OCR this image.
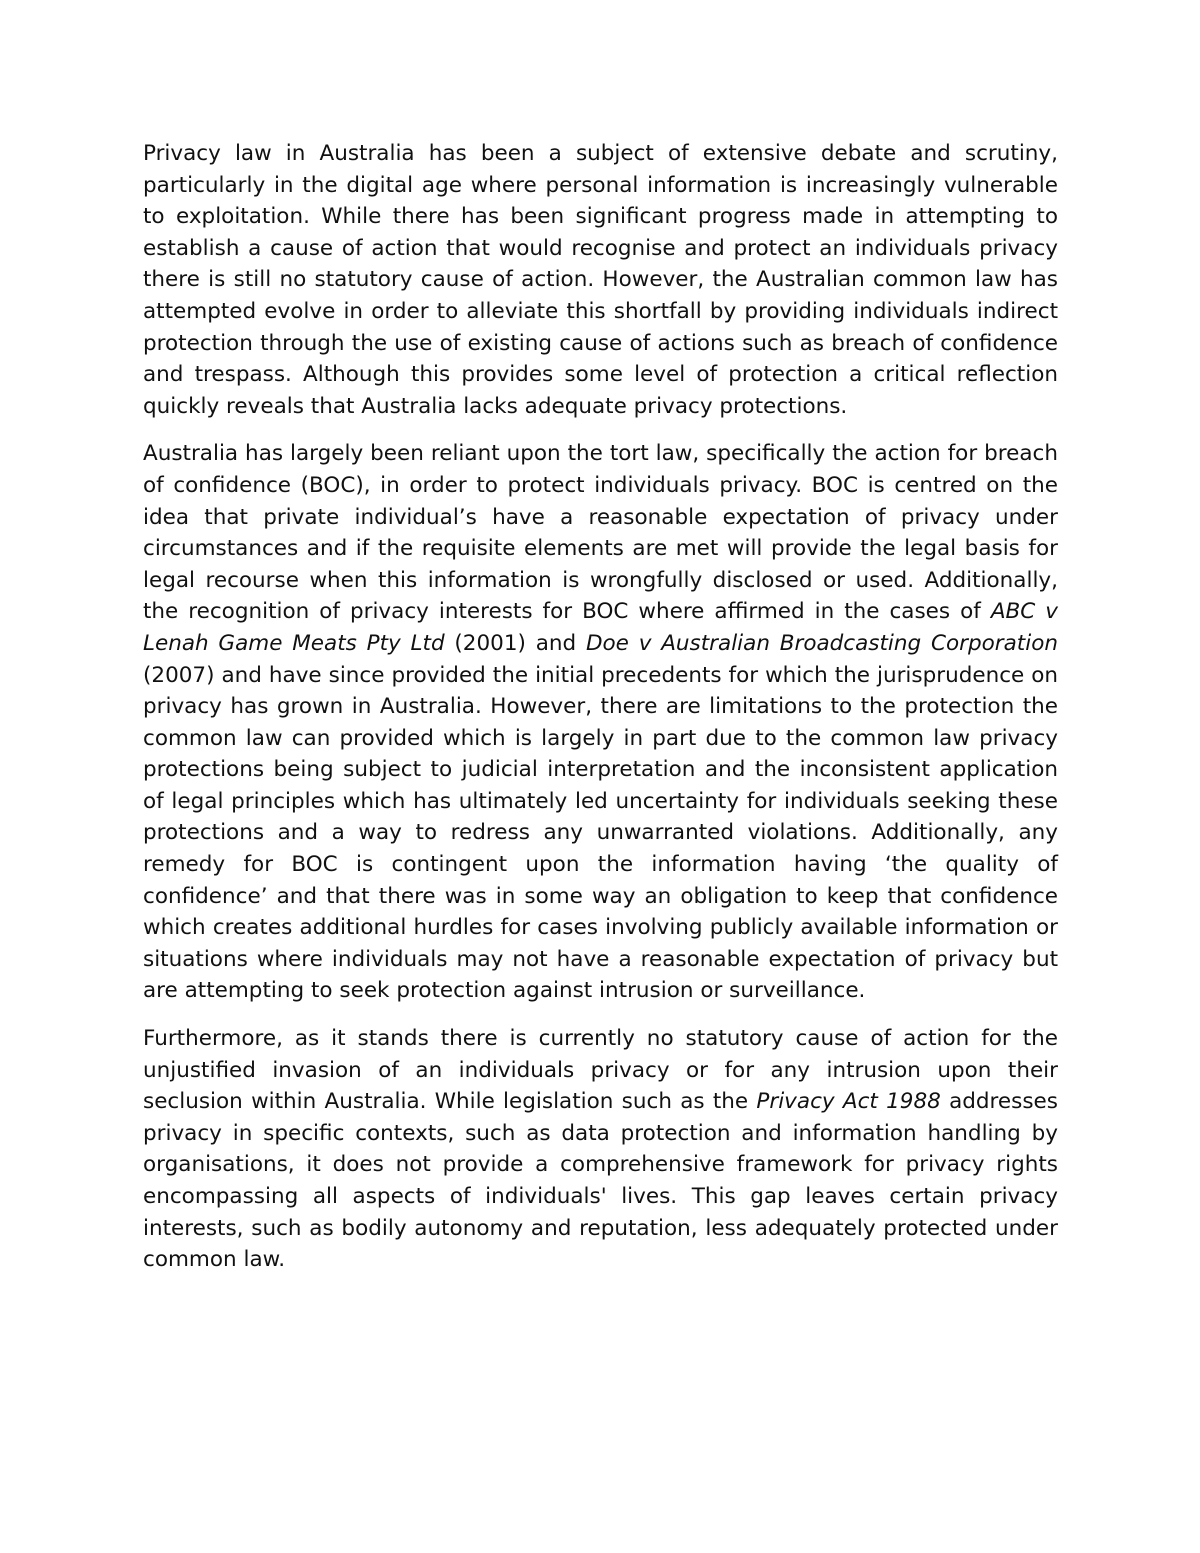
Privacy law in Australia has been a subject of extensive debate and scrutiny, particularly in the digital age where personal information is increasingly vulnerable to exploitation. While there has been significant progress made in attempting to establish a cause of action that would recognise and protect an individuals privacy there is still no statutory cause of action. However, the Australian common law has attempted evolve in order to alleviate this shortfall by providing individuals indirect protection through the use of existing cause of actions such as breach of confidence and trespass. Although this provides some level of protection a critical reflection quickly reveals that Australia lacks adequate privacy protections.

Australia has largely been reliant upon the tort law, specifically the action for breach of confidence (BOC), in order to protect individuals privacy. BOC is centred on the idea that private individual’s have a reasonable expectation of privacy under circumstances and if the requisite elements are met will provide the legal basis for legal recourse when this information is wrongfully disclosed or used. Additionally, the recognition of privacy interests for BOC where affirmed in the cases of ABC v Lenah Game Meats Pty Ltd (2001) and Doe v Australian Broadcasting Corporation (2007) and have since provided the initial precedents for which the jurisprudence on privacy has grown in Australia. However, there are limitations to the protection the common law can provided which is largely in part due to the common law privacy protections being subject to judicial interpretation and the inconsistent application of legal principles which has ultimately led uncertainty for individuals seeking these protections and a way to redress any unwarranted violations. Additionally, any remedy for BOC is contingent upon the information having ‘the quality of confidence’ and that there was in some way an obligation to keep that confidence which creates additional hurdles for cases involving publicly available information or situations where individuals may not have a reasonable expectation of privacy but are attempting to seek protection against intrusion or surveillance.

Furthermore, as it stands there is currently no statutory cause of action for the unjustified invasion of an individuals privacy or for any intrusion upon their seclusion within Australia. While legislation such as the Privacy Act 1988 addresses privacy in specific contexts, such as data protection and information handling by organisations, it does not provide a comprehensive framework for privacy rights encompassing all aspects of individuals' lives. This gap leaves certain privacy interests, such as bodily autonomy and reputation, less adequately protected under common law.
